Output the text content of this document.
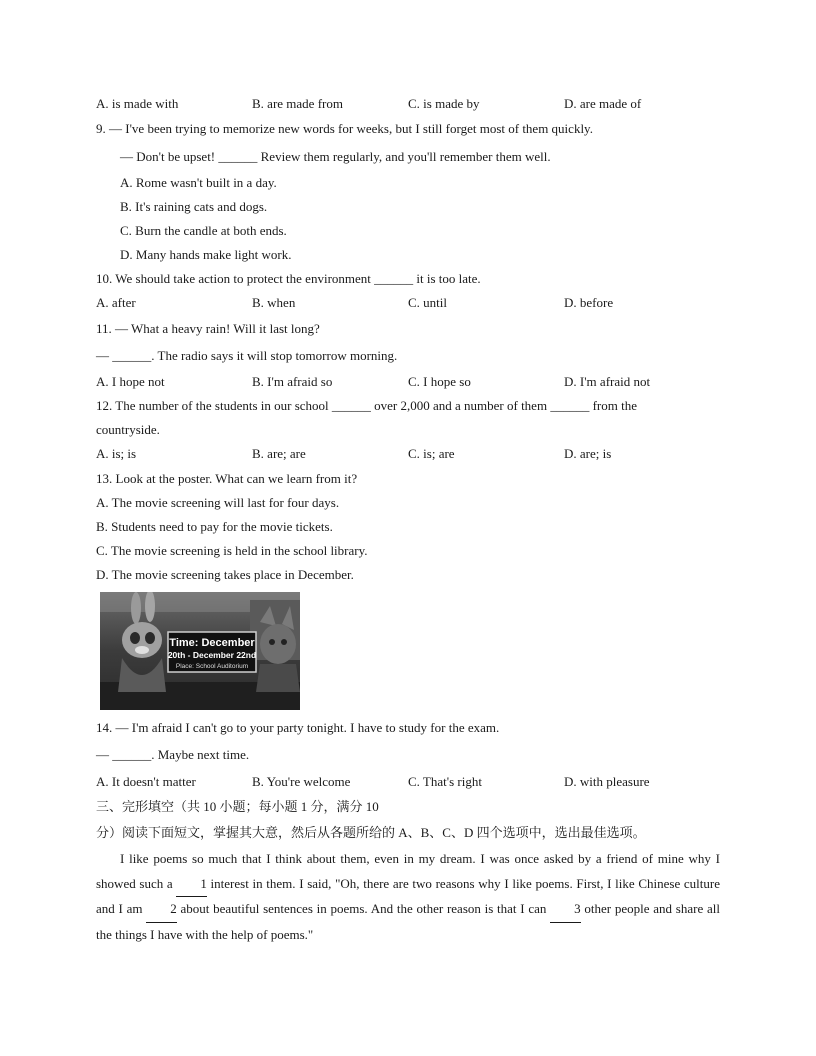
A. is made with	B. are made from	C. is made by	D. are made of
9. — I've been trying to memorize new words for weeks, but I still forget most of them quickly.
— Don't be upset! ______ Review them regularly, and you'll remember them well.
A. Rome wasn't built in a day.
B. It's raining cats and dogs.
C. Burn the candle at both ends.
D. Many hands make light work.
10. We should take action to protect the environment ______ it is too late.
A. after	B. when	C. until	D. before
11. — What a heavy rain! Will it last long?
— ______. The radio says it will stop tomorrow morning.
A. I hope not	B. I'm afraid so	C. I hope so	D. I'm afraid not
12. The number of the students in our school ______ over 2,000 and a number of them ______ from the
countryside.
A. is; is	B. are; are	C. is; are	D. are; is
13. Look at the poster. What can we learn from it?
A. The movie screening will last for four days.
B. Students need to pay for the movie tickets.
C. The movie screening is held in the school library.
D. The movie screening takes place in December.
Time: December
20th - December 22nd
Place: School Auditorium
14. — I'm afraid I can't go to your party tonight. I have to study for the exam.
— ______. Maybe next time.
A. It doesn't matter	B. You're welcome	C. That's right	D. with pleasure
三、完形填空（共 10 小题；每小题 1 分，满分 10
分）阅读下面短文，掌握其大意，然后从各题所给的 A、B、C、D 四个选项中，选出最佳选项。
I like poems so much that I think about them, even in my dream. I was once asked by a friend of mine why I showed such a 1 interest in them. I said, "Oh, there are two reasons why I like poems. First, I like Chinese culture and I am 2 about beautiful sentences in poems. And the other reason is that I can 3 other people and share all the things I have with the help of poems."
